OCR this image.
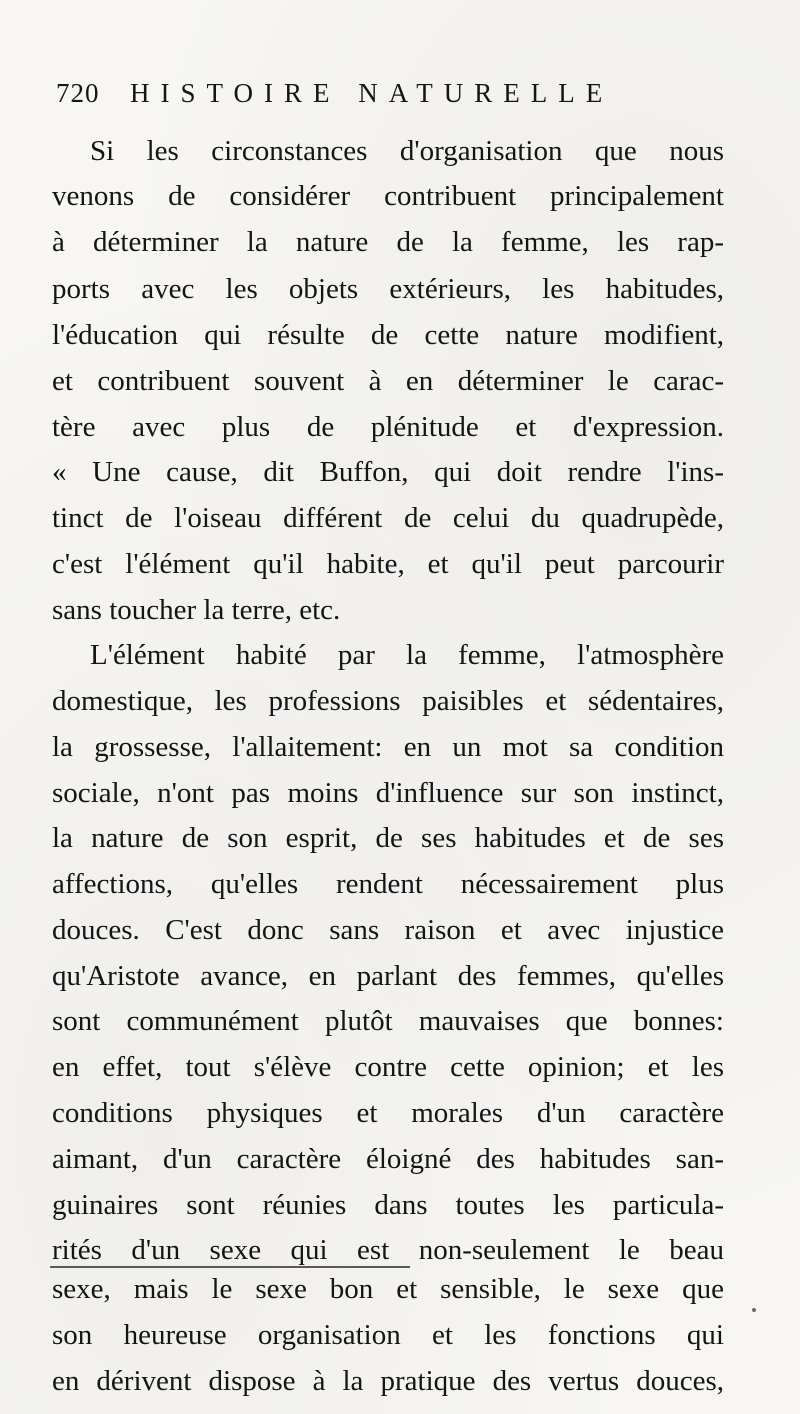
720 HISTOIRE NATURELLE
Si les circonstances d'organisation que nous
venons de considérer contribuent principalement
à déterminer la nature de la femme, les rap-
ports avec les objets extérieurs, les habitudes,
l'éducation qui résulte de cette nature modifient,
et contribuent souvent à en déterminer le carac-
tère avec plus de plénitude et d'expression.
« Une cause, dit Buffon, qui doit rendre l'ins-
tinct de l'oiseau différent de celui du quadrupède,
c'est l'élément qu'il habite, et qu'il peut parcourir
sans toucher la terre, etc.
L'élément habité par la femme, l'atmosphère
domestique, les professions paisibles et sédentaires,
la grossesse, l'allaitement: en un mot sa condition
sociale, n'ont pas moins d'influence sur son instinct,
la nature de son esprit, de ses habitudes et de ses
affections, qu'elles rendent nécessairement plus
douces. C'est donc sans raison et avec injustice
qu'Aristote avance, en parlant des femmes, qu'elles
sont communément plutôt mauvaises que bonnes:
en effet, tout s'élève contre cette opinion; et les
conditions physiques et morales d'un caractère
aimant, d'un caractère éloigné des habitudes san-
guinaires sont réunies dans toutes les particula-
rités d'un sexe qui est non-seulement le beau
sexe, mais le sexe bon et sensible, le sexe que
son heureuse organisation et les fonctions qui
en dérivent dispose à la pratique des vertus douces,
